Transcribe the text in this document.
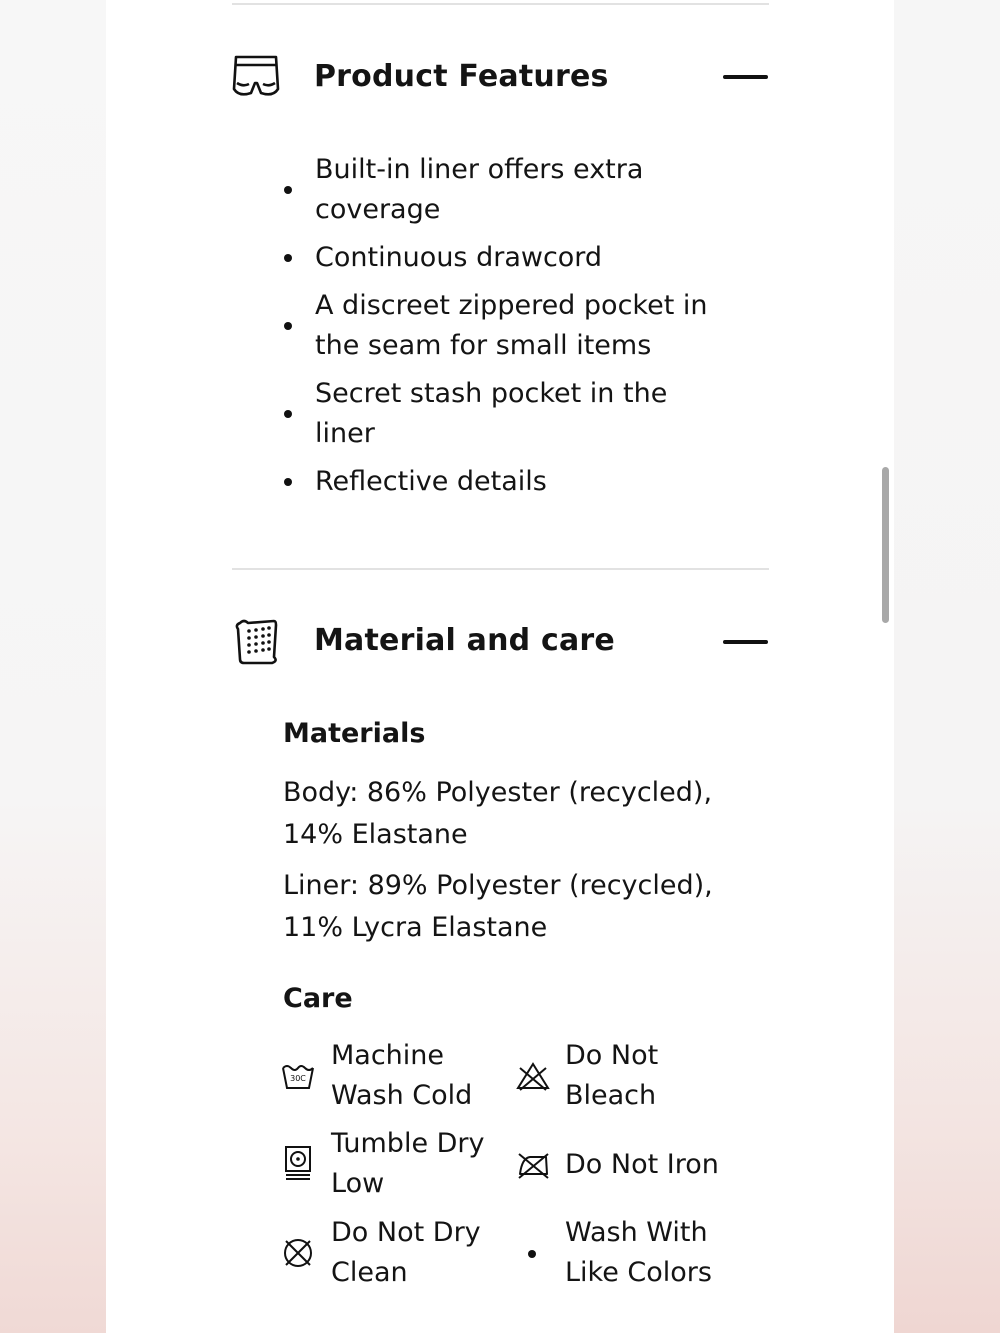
Product Features
Built-in liner offers extra coverage
Continuous drawcord
A discreet zippered pocket in the seam for small items
Secret stash pocket in the liner
Reflective details
Material and care
Materials
Body: 86% Polyester (recycled),
14% Elastane
Liner: 89% Polyester (recycled),
11% Lycra Elastane
Care
30C
Machine
Wash Cold
Do Not
Bleach
Tumble Dry
Low
Do Not Iron
Do Not Dry
Clean
Wash With
Like Colors
